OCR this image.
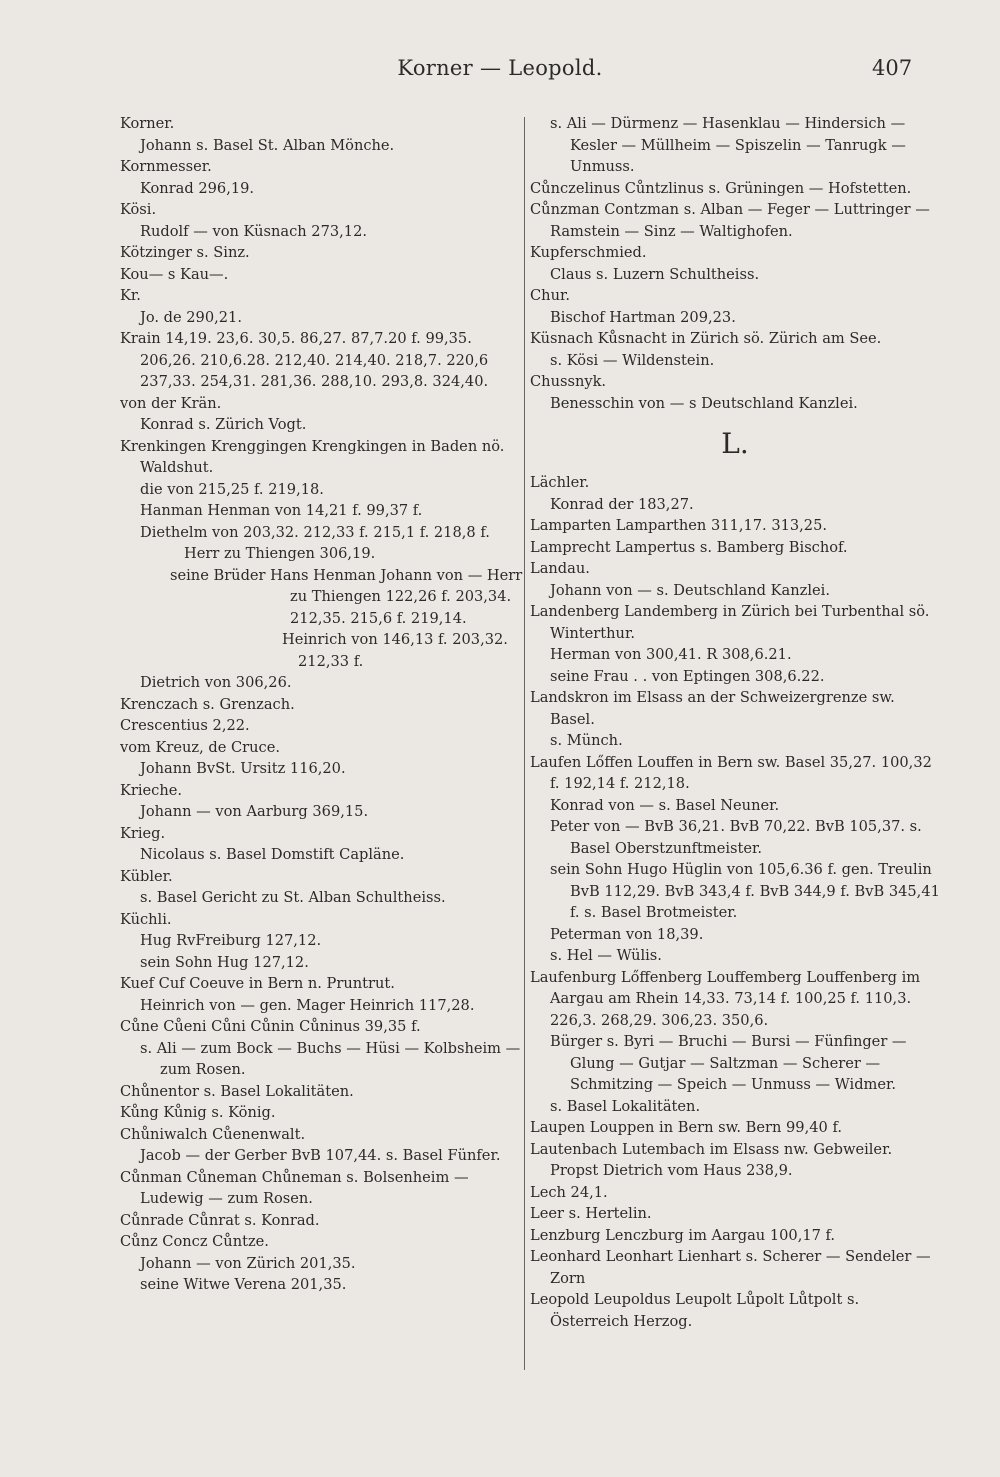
Korner — Leopold.	407

Korner.

Johann s. Basel St. Alban Mönche.

Kornmesser.

Konrad 296,19.

Kösi.

Rudolf — von Küsnach 273,12.

Kötzinger s. Sinz.

Kou— s Kau—.

Kr.

Jo. de 290,21.

Krain 14,19. 23,6. 30,5. 86,27. 87,7.20 f. 99,35. 206,26. 210,6.28. 212,40. 214,40. 218,7. 220,6 237,33. 254,31. 281,36. 288,10. 293,8. 324,40.

von der Krän.

Konrad s. Zürich Vogt.

Krenkingen Krenggingen Krengkingen in Baden nö. Waldshut.

die von 215,25 f. 219,18.

Hanman Henman von 14,21 f. 99,37 f.

Diethelm von 203,32. 212,33 f. 215,1 f. 218,8 f.

Herr zu Thiengen 306,19.

seine Brüder Hans Henman Johann von — Herr zu Thiengen 122,26 f. 203,34. 212,35. 215,6 f. 219,14.

Heinrich von 146,13 f. 203,32. 212,33 f.

Dietrich von 306,26.

Krenczach s. Grenzach.

Crescentius 2,22.

vom Kreuz, de Cruce.

Johann BvSt. Ursitz 116,20.

Krieche.

Johann — von Aarburg 369,15.

Krieg.

Nicolaus s. Basel Domstift Capläne.

Kübler.

s. Basel Gericht zu St. Alban Schultheiss.

Küchli.

Hug RvFreiburg 127,12.

sein Sohn Hug 127,12.

Kuef Cuf Coeuve in Bern n. Pruntrut.

Heinrich von — gen. Mager Heinrich 117,28.

Cůne Cůeni Cůni Cůnin Cůninus 39,35 f.

s. Ali — zum Bock — Buchs — Hüsi — Kolbsheim — zum Rosen.

Chůnentor s. Basel Lokalitäten.

Kůng Kůnig s. König.

Chůniwalch Cůenenwalt.

Jacob — der Gerber BvB 107,44. s. Basel Fünfer.

Cůnman Cůneman Chůneman s. Bolsenheim — Ludewig — zum Rosen.

Cůnrade Cůnrat s. Konrad.

Cůnz Concz Cůntze.

Johann — von Zürich 201,35.

seine Witwe Verena 201,35.

s. Ali — Dürmenz — Hasenklau — Hindersich — Kesler — Müllheim — Spiszelin — Tanrugk — Unmuss.

Cůnczelinus Cůntzlinus s. Grüningen — Hofstetten.

Cůnzman Contzman s. Alban — Feger — Luttringer — Ramstein — Sinz — Waltighofen.

Kupferschmied.

Claus s. Luzern Schultheiss.

Chur.

Bischof Hartman 209,23.

Küsnach Kůsnacht in Zürich sö. Zürich am See.

s. Kösi — Wildenstein.

Chussnyk.

Benesschin von — s Deutschland Kanzlei.

L.

Lächler.

Konrad der 183,27.

Lamparten Lamparthen 311,17. 313,25.

Lamprecht Lampertus s. Bamberg Bischof.

Landau.

Johann von — s. Deutschland Kanzlei.

Landenberg Landemberg in Zürich bei Turbenthal sö. Winterthur.

Herman von 300,41. R 308,6.21.

seine Frau . . von Eptingen 308,6.22.

Landskron im Elsass an der Schweizergrenze sw. Basel.

s. Münch.

Laufen Lőffen Louffen in Bern sw. Basel 35,27. 100,32 f. 192,14 f. 212,18.

Konrad von — s. Basel Neuner.

Peter von — BvB 36,21. BvB 70,22. BvB 105,37. s. Basel Oberstzunftmeister.

sein Sohn Hugo Hüglin von 105,6.36 f. gen. Treulin BvB 112,29. BvB 343,4 f. BvB 344,9 f. BvB 345,41 f. s. Basel Brotmeister.

Peterman von 18,39.

s. Hel — Wülis.

Laufenburg Lőffenberg Louffemberg Louffenberg im Aargau am Rhein 14,33. 73,14 f. 100,25 f. 110,3. 226,3. 268,29. 306,23. 350,6.

Bürger s. Byri — Bruchi — Bursi — Fünfinger — Glung — Gutjar — Saltzman — Scherer — Schmitzing — Speich — Unmuss — Widmer.

s. Basel Lokalitäten.

Laupen Louppen in Bern sw. Bern 99,40 f.

Lautenbach Lutembach im Elsass nw. Gebweiler. Propst Dietrich vom Haus 238,9.

Lech 24,1.

Leer s. Hertelin.

Lenzburg Lenczburg im Aargau 100,17 f.

Leonhard Leonhart Lienhart s. Scherer — Sendeler — Zorn

Leopold Leupoldus Leupolt Lůpolt Lůtpolt s. Österreich Herzog.
